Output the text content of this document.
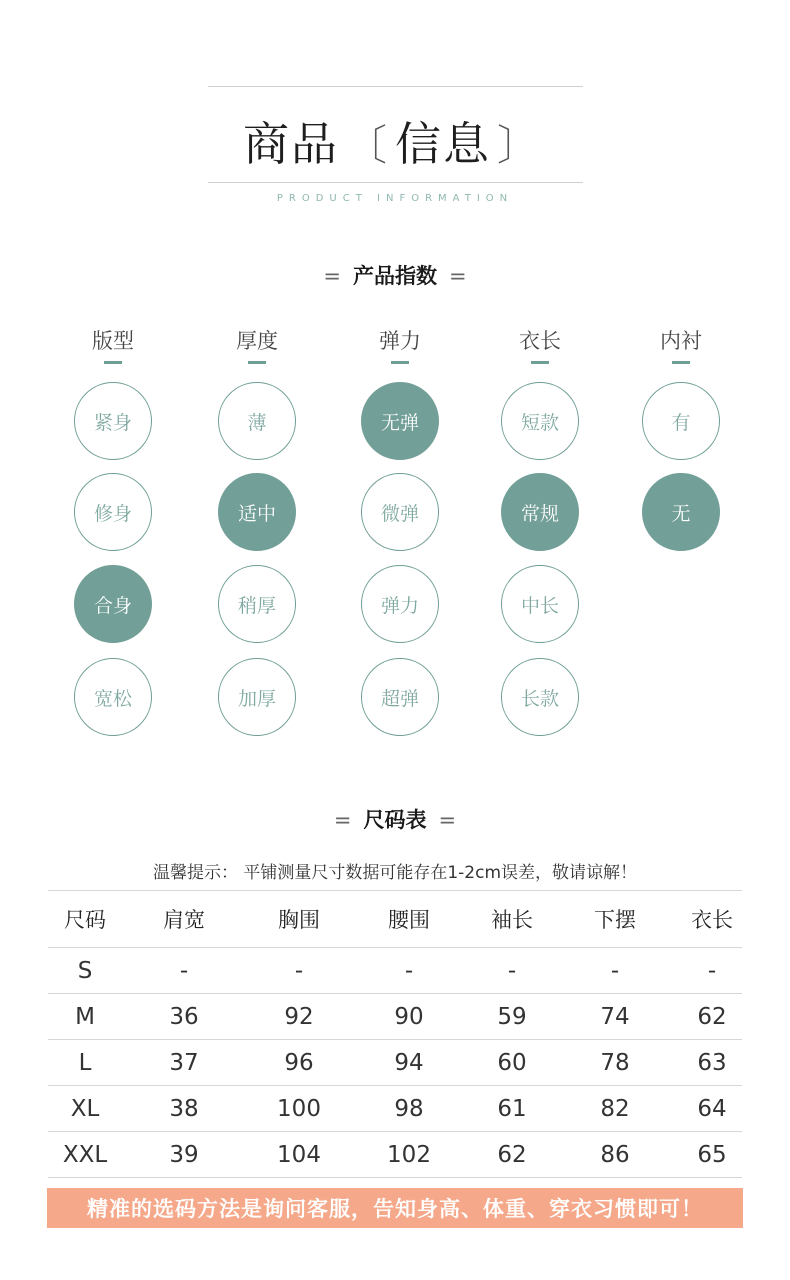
商品 〔 信息 〕
PRODUCT INFORMATION
= 产品指数 =
版型
紧身
修身
合身
宽松
厚度
薄
适中
稍厚
加厚
弹力
无弹
微弹
弹力
超弹
衣长
短款
常规
中长
长款
内衬
有
无
= 尺码表 =
温馨提示： 平铺测量尺寸数据可能存在1-2cm误差，敬请谅解！
尺码	肩宽	胸围	腰围	袖长	下摆	衣长
S	-	-	-	-	-	-
M	36	92	90	59	74	62
L	37	96	94	60	78	63
XL	38	100	98	61	82	64
XXL	39	104	102	62	86	65
精准的选码方法是询问客服，告知身高、体重、穿衣习惯即可！
